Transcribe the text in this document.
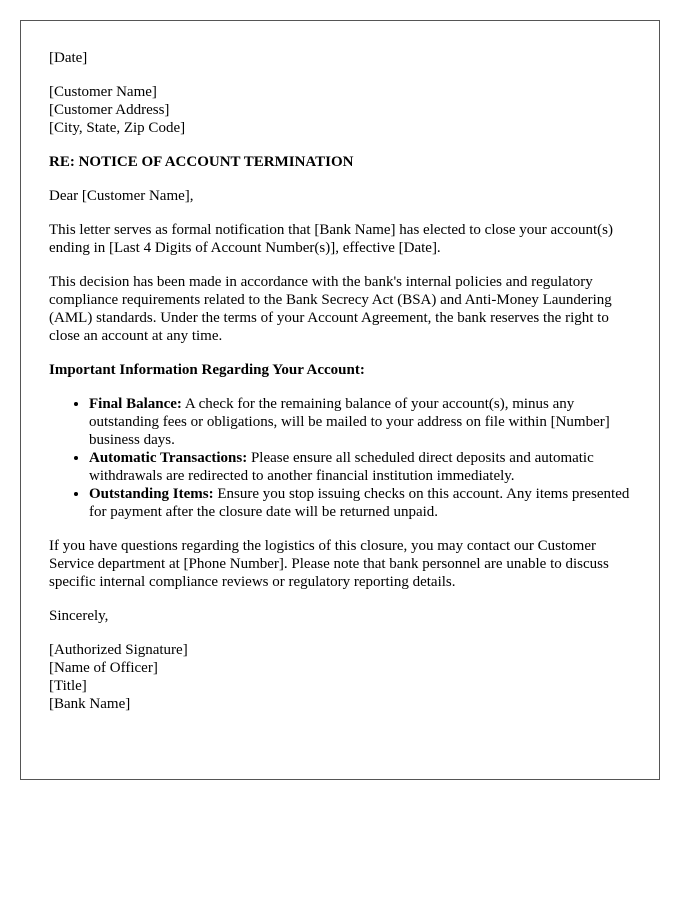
[Date]

[Customer Name]
[Customer Address]
[City, State, Zip Code]

RE: NOTICE OF ACCOUNT TERMINATION

Dear [Customer Name],

This letter serves as formal notification that [Bank Name] has elected to close your account(s) ending in [Last 4 Digits of Account Number(s)], effective [Date].

This decision has been made in accordance with the bank's internal policies and regulatory compliance requirements related to the Bank Secrecy Act (BSA) and Anti-Money Laundering (AML) standards. Under the terms of your Account Agreement, the bank reserves the right to close an account at any time.

Important Information Regarding Your Account:

• Final Balance: A check for the remaining balance of your account(s), minus any outstanding fees or obligations, will be mailed to your address on file within [Number] business days.
• Automatic Transactions: Please ensure all scheduled direct deposits and automatic withdrawals are redirected to another financial institution immediately.
• Outstanding Items: Ensure you stop issuing checks on this account. Any items presented for payment after the closure date will be returned unpaid.

If you have questions regarding the logistics of this closure, you may contact our Customer Service department at [Phone Number]. Please note that bank personnel are unable to discuss specific internal compliance reviews or regulatory reporting details.

Sincerely,

[Authorized Signature]
[Name of Officer]
[Title]
[Bank Name]
